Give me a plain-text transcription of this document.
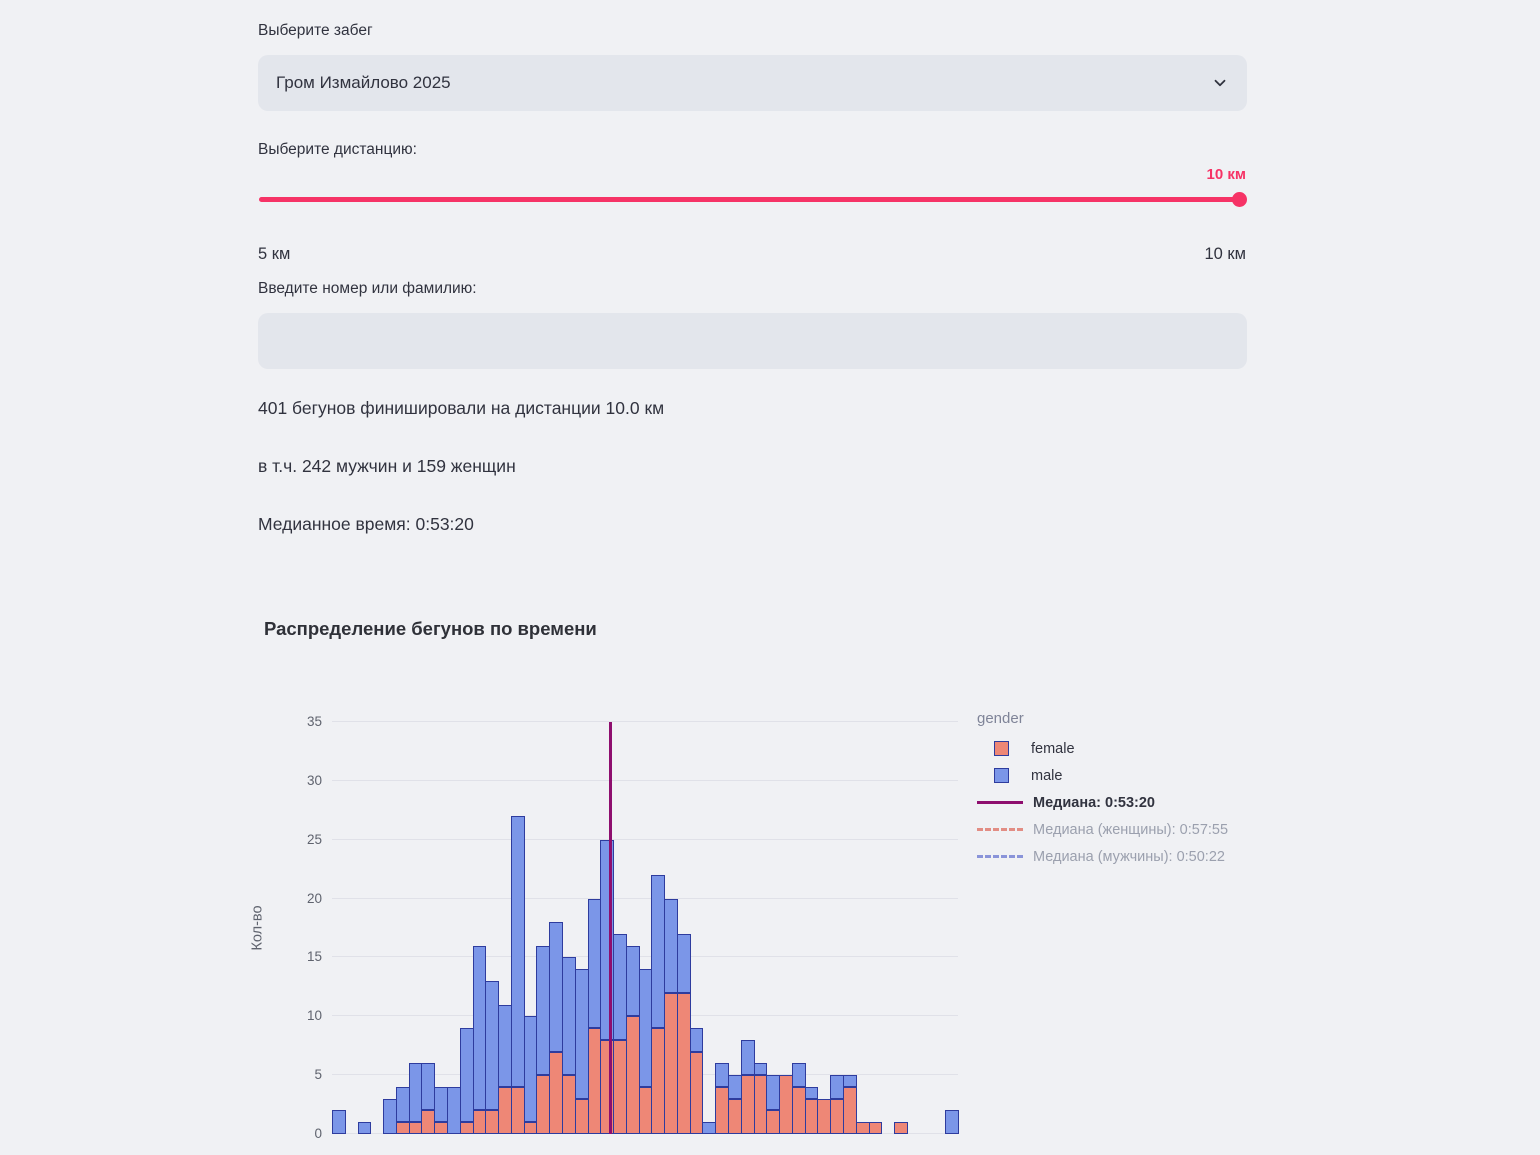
Выберите забег
Гром Измайлово 2025
Выберите дистанцию:
10 км
5 км	10 км
Введите номер или фамилию:
401 бегунов финишировали на дистанции 10.0 км
в т.ч. 242 мужчин и 159 женщин
Медианное время: 0:53:20
Распределение бегунов по времени
Кол-во
0
5
10
15
20
25
30
35	gender
female
male
Медиана: 0:53:20
Медиана (женщины): 0:57:55
Медиана (мужчины): 0:50:22
